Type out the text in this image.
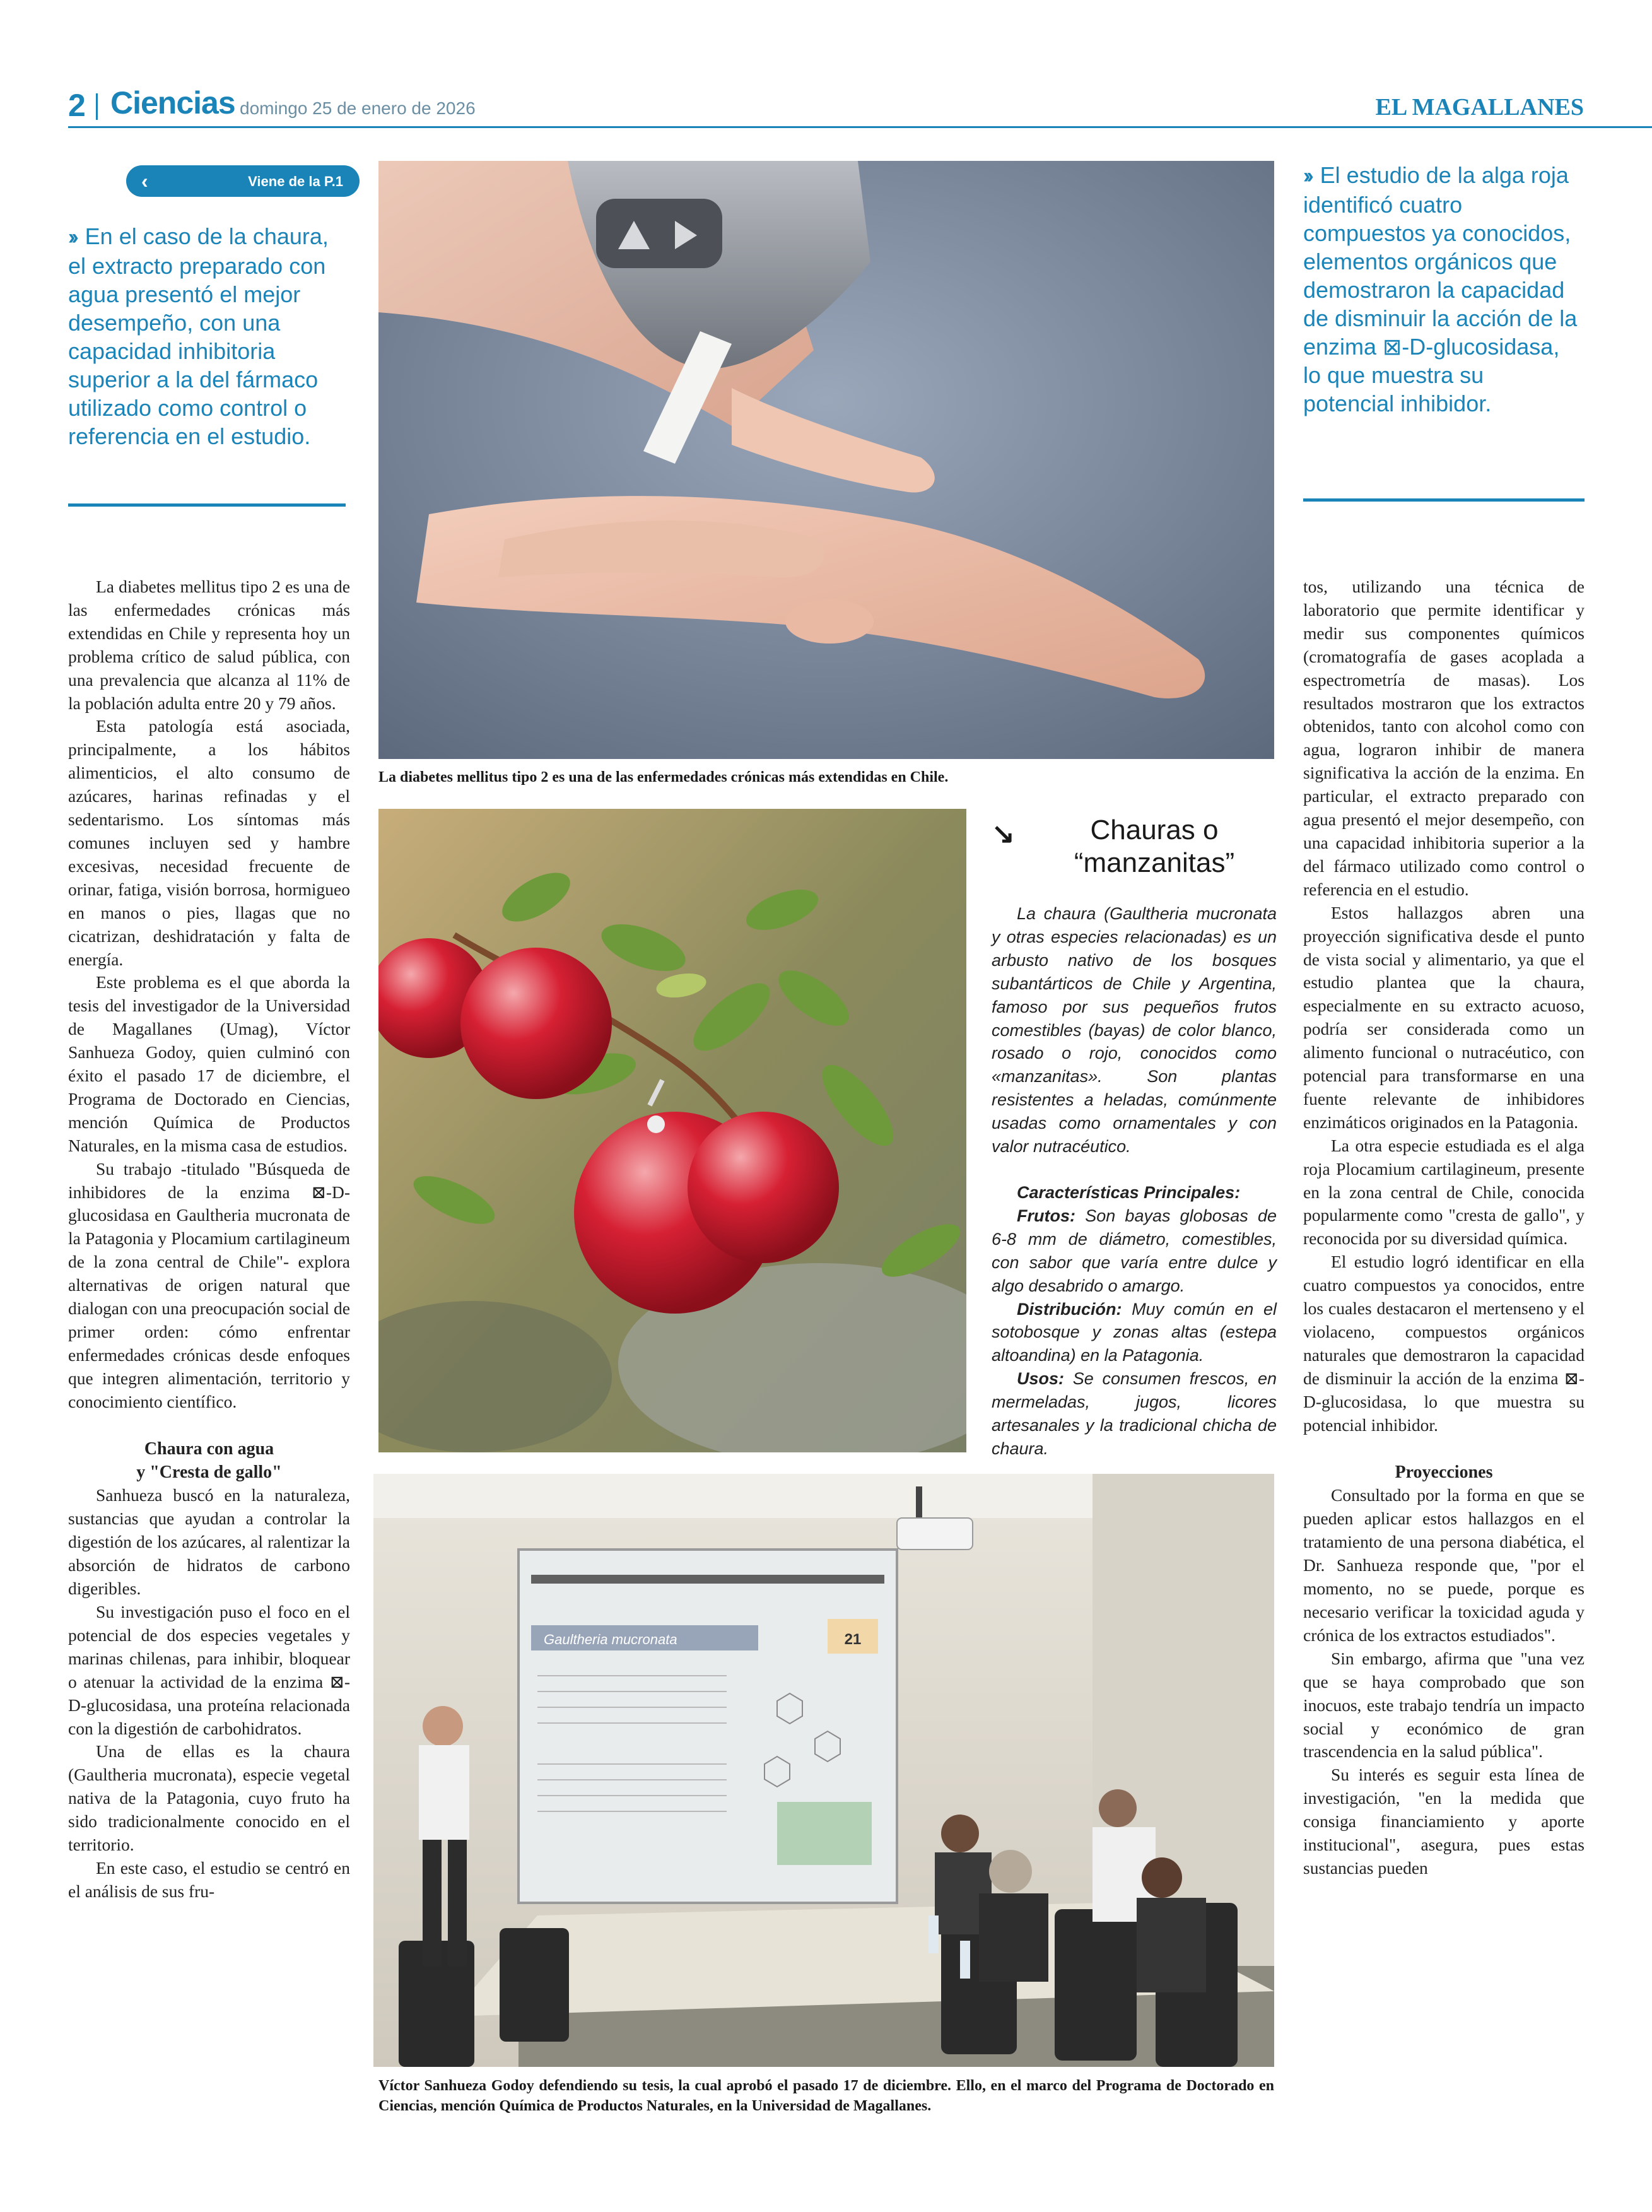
2 Ciencias domingo 25 de enero de 2026	EL MAGALLANES
‹	Viene de la P.1
›› En el caso de la chaura, el extracto preparado con agua presentó el mejor desempeño, con una capacidad inhibitoria superior a la del fármaco utilizado como control o referencia en el estudio.
›› El estudio de la alga roja identificó cuatro compuestos ya conocidos, elementos orgánicos que demostraron la capacidad de disminuir la acción de la enzima ⊠-D-glucosidasa, lo que muestra su potencial inhibidor.
La diabetes mellitus tipo 2 es una de las enfermedades crónicas más extendidas en Chile.
Gaultheria mucronata	21
Víctor Sanhueza Godoy defendiendo su tesis, la cual aprobó el pasado 17 de diciembre. Ello, en el marco del Programa de Doctorado en Ciencias, mención Química de Productos Naturales, en la Universidad de Magallanes.
↘	Chauras o
“manzanitas”

La chaura (Gaultheria mucronata y otras especies relacionadas) es un arbusto nativo de los bosques subantárticos de Chile y Argentina, famoso por sus pequeños frutos comestibles (bayas) de color blanco, rosado o rojo, conocidos como «manzanitas». Son plantas resistentes a heladas, comúnmente usadas como ornamentales y con valor nutracéutico.

Características Principales:

Frutos: Son bayas globosas de 6-8 mm de diámetro, comestibles, con sabor que varía entre dulce y algo desabrido o amargo.

Distribución: Muy común en el sotobosque y zonas altas (estepa altoandina) en la Patagonia.

Usos: Se consumen frescos, en mermeladas, jugos, licores artesanales y la tradicional chicha de chaura.

La diabetes mellitus tipo 2 es una de las enfermedades crónicas más extendidas en Chile y representa hoy un problema crítico de salud pública, con una prevalencia que alcanza al 11% de la población adulta entre 20 y 79 años.

Esta patología está asociada, principalmente, a los hábitos alimenticios, el alto consumo de azúcares, harinas refinadas y el sedentarismo. Los síntomas más comunes incluyen sed y hambre excesivas, necesidad frecuente de orinar, fatiga, visión borrosa, hormigueo en manos o pies, llagas que no cicatrizan, deshidratación y falta de energía.

Este problema es el que aborda la tesis del investigador de la Universidad de Magallanes (Umag), Víctor Sanhueza Godoy, quien culminó con éxito el pasado 17 de diciembre, el Programa de Doctorado en Ciencias, mención Química de Productos Naturales, en la misma casa de estudios.

Su trabajo -titulado "Búsqueda de inhibidores de la enzima ⊠-D-glucosidasa en Gaultheria mucronata de la Patagonia y Plocamium cartilagineum de la zona central de Chile"- explora alternativas de origen natural que dialogan con una preocupación social de primer orden: cómo enfrentar enfermedades crónicas desde enfoques que integren alimentación, territorio y conocimiento científico.

Chaura con agua
y "Cresta de gallo"

Sanhueza buscó en la naturaleza, sustancias que ayudan a controlar la digestión de los azúcares, al ralentizar la absorción de hidratos de carbono digeribles.

Su investigación puso el foco en el potencial de dos especies vegetales y marinas chilenas, para inhibir, bloquear o atenuar la actividad de la enzima ⊠-D-glucosidasa, una proteína relacionada con la digestión de carbohidratos.

Una de ellas es la chaura (Gaultheria mucronata), especie vegetal nativa de la Patagonia, cuyo fruto ha sido tradicionalmente conocido en el territorio.

En este caso, el estudio se centró en el análisis de sus fru-

tos, utilizando una técnica de laboratorio que permite identificar y medir sus componentes químicos (cromatografía de gases acoplada a espectrometría de masas). Los resultados mostraron que los extractos obtenidos, tanto con alcohol como con agua, lograron inhibir de manera significativa la acción de la enzima. En particular, el extracto preparado con agua presentó el mejor desempeño, con una capacidad inhibitoria superior a la del fármaco utilizado como control o referencia en el estudio.

Estos hallazgos abren una proyección significativa desde el punto de vista social y alimentario, ya que el estudio plantea que la chaura, especialmente en su extracto acuoso, podría ser considerada como un alimento funcional o nutracéutico, con potencial para transformarse en una fuente relevante de inhibidores enzimáticos originados en la Patagonia.

La otra especie estudiada es el alga roja Plocamium cartilagineum, presente en la zona central de Chile, conocida popularmente como "cresta de gallo", y reconocida por su diversidad química.

El estudio logró identificar en ella cuatro compuestos ya conocidos, entre los cuales destacaron el mertenseno y el violaceno, compuestos orgánicos naturales que demostraron la capacidad de disminuir la acción de la enzima ⊠-D-glucosidasa, lo que muestra su potencial inhibidor.

Proyecciones

Consultado por la forma en que se pueden aplicar estos hallazgos en el tratamiento de una persona diabética, el Dr. Sanhueza responde que, "por el momento, no se puede, porque es necesario verificar la toxicidad aguda y crónica de los extractos estudiados".

Sin embargo, afirma que "una vez que se haya comprobado que son inocuos, este trabajo tendría un impacto social y económico de gran trascendencia en la salud pública".

Su interés es seguir esta línea de investigación, "en la medida que consiga financiamiento y aporte institucional", asegura, pues estas sustancias pueden
